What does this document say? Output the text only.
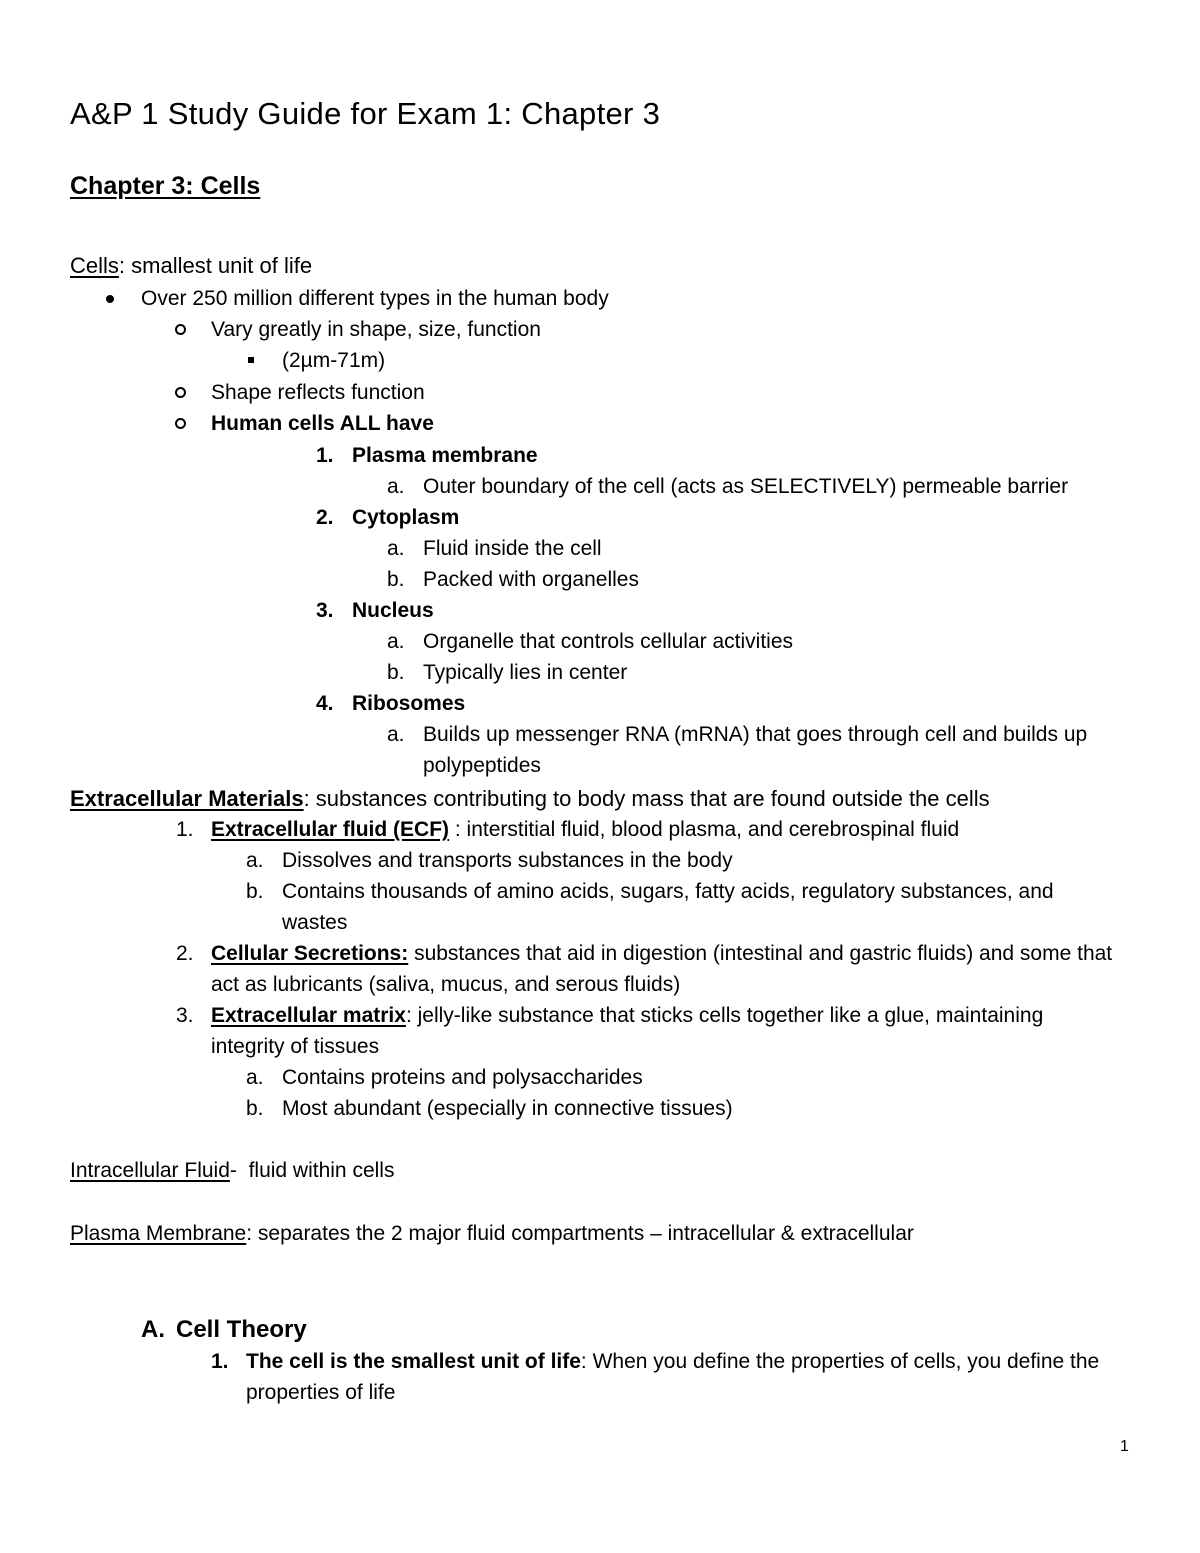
A&P 1 Study Guide for Exam 1: Chapter 3
Chapter 3: Cells
Cells: smallest unit of life
Over 250 million different types in the human body
Vary greatly in shape, size, function
(2µm-71m)
Shape reflects function
Human cells ALL have
1. Plasma membrane
a. Outer boundary of the cell (acts as SELECTIVELY) permeable barrier
2. Cytoplasm
a. Fluid inside the cell
b. Packed with organelles
3. Nucleus
a. Organelle that controls cellular activities
b. Typically lies in center
4. Ribosomes
a. Builds up messenger RNA (mRNA) that goes through cell and builds up
polypeptides
Extracellular Materials: substances contributing to body mass that are found outside the cells
1. Extracellular fluid (ECF) : interstitial fluid, blood plasma, and cerebrospinal fluid
a. Dissolves and transports substances in the body
b. Contains thousands of amino acids, sugars, fatty acids, regulatory substances, and
wastes
2. Cellular Secretions: substances that aid in digestion (intestinal and gastric fluids) and some that
act as lubricants (saliva, mucus, and serous fluids)
3. Extracellular matrix: jelly-like substance that sticks cells together like a glue, maintaining
integrity of tissues
a. Contains proteins and polysaccharides
b. Most abundant (especially in connective tissues)
Intracellular Fluid-  fluid within cells
Plasma Membrane: separates the 2 major fluid compartments – intracellular & extracellular
A. Cell Theory
1. The cell is the smallest unit of life: When you define the properties of cells, you define the
properties of life
1
